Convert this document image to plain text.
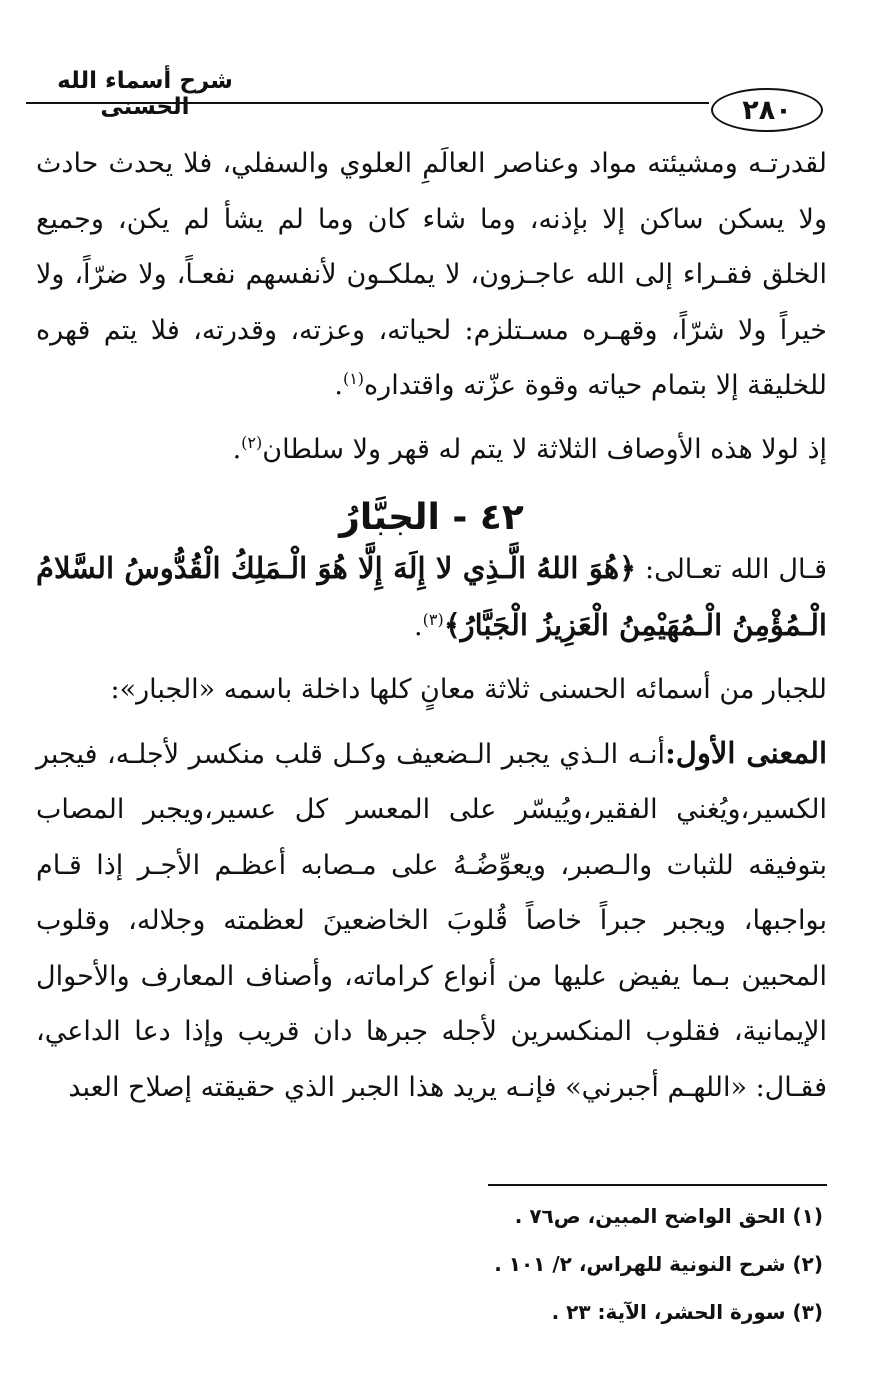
شرح أسماء الله الحسنى	٢٨٠

لقدرتـه ومشيئته مواد وعناصر العالَمِ العلوي والسفلي، فلا يحدث حادث ولا يسكن ساكن إلا بإذنه، وما شاء كان وما لم يشأ لم يكن، وجميع الخلق فقـراء إلى الله عاجـزون، لا يملكـون لأنفسهم نفعـاً، ولا ضرّاً، ولا خيراً ولا شرّاً، وقهـره مسـتلزم: لحياته، وعزته، وقدرته، فلا يتم قهره للخليقة إلا بتمام حياته وقوة عزّته واقتداره$^{(١)}$.

إذ لولا هذه الأوصاف الثلاثة لا يتم له قهر ولا سلطان$^{(٢)}$.

٤٢ - الجبَّارُ

قـال الله تعـالى: ﴿هُوَ اللهُ الَّـذِي لا إِلَهَ إِلَّا هُوَ الْـمَلِكُ الْقُدُّوسُ السَّلامُ الْـمُؤْمِنُ الْـمُهَيْمِنُ الْعَزِيزُ الْجَبَّارُ﴾$^{(٣)}$.

للجبار من أسمائه الحسنى ثلاثة معانٍ كلها داخلة باسمه «الجبار»:

المعنى الأول:أنـه الـذي يجبر الـضعيف وكـل قلب منكسر لأجلـه، فيجبر الكسير،ويُغني الفقير،ويُيسّر على المعسر كل عسير،ويجبر المصاب بتوفيقه للثبات والـصبر، ويعوِّضُـهُ على مـصابه أعظـم الأجـر إذا قـام بواجبها، ويجبر جبراً خاصاً قُلوبَ الخاضعينَ لعظمته وجلاله، وقلوب المحبين بـما يفيض عليها من أنواع كراماته، وأصناف المعارف والأحوال الإيمانية، فقلوب المنكسرين لأجله جبرها دان قريب وإذا دعا الداعي، فقـال: «اللهـم أجبرني» فإنـه يريد هذا الجبر الذي حقيقته إصلاح العبد

(١) الحق الواضح المبين، ص٧٦ .
(٢) شرح النونية للهراس، ٢/ ١٠١ .
(٣) سورة الحشر، الآية: ٢٣ .
